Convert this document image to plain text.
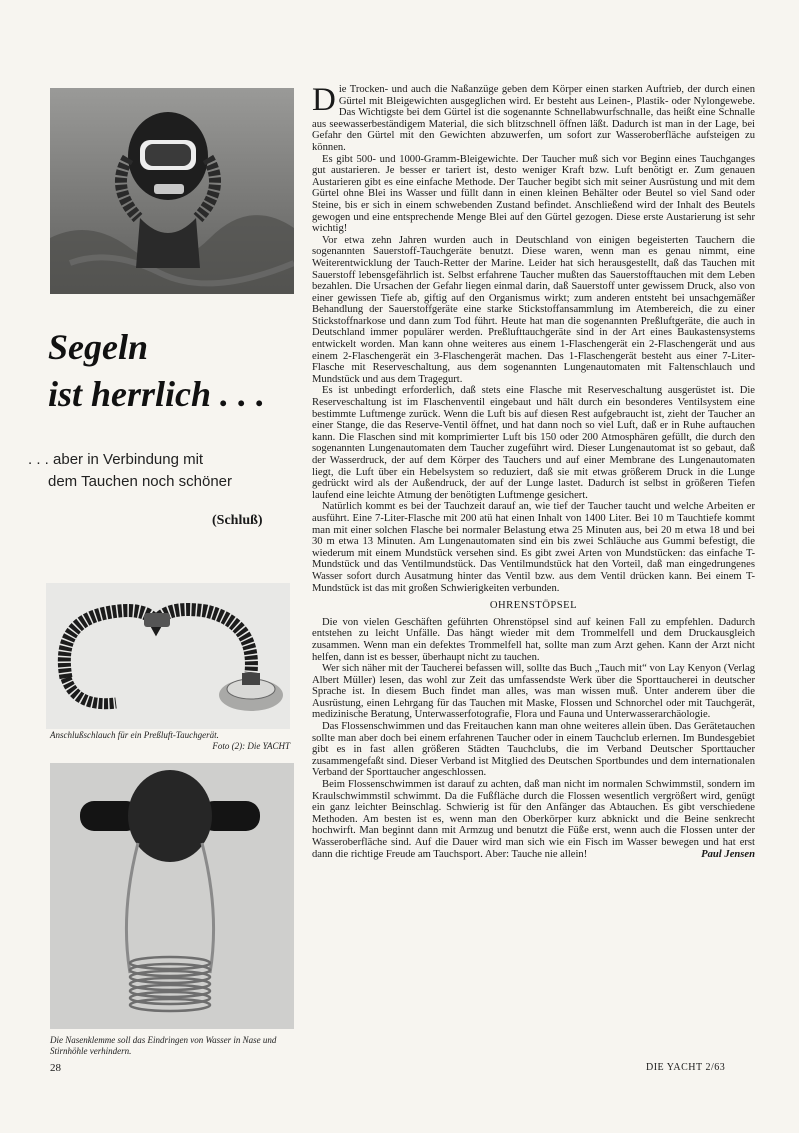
Segeln
ist herrlich . . .
. . . aber in Verbindung mit
dem Tauchen noch schöner
(Schluß)
Anschlußschlauch für ein Preßluft-Tauchgerät.
Foto (2): Die YACHT
Die Nasenklemme soll das Eindringen von Wasser in Nase und Stirnhöhle verhindern.
28	DIE YACHT 2/63

Die Trocken- und auch die Naßanzüge geben dem Körper einen starken Auftrieb, der durch einen Gürtel mit Bleigewichten ausgeglichen wird. Er besteht aus Leinen-, Plastik- oder Nylongewebe. Das Wichtigste bei dem Gürtel ist die sogenannte Schnellabwurfschnalle, das heißt eine Schnalle aus seewasserbeständigem Material, die sich blitzschnell öffnen läßt. Dadurch ist man in der Lage, bei Gefahr den Gürtel mit den Gewichten abzuwerfen, um sofort zur Wasseroberfläche aufsteigen zu können.

Es gibt 500- und 1000-Gramm-Bleigewichte. Der Taucher muß sich vor Beginn eines Tauchganges gut austarieren. Je besser er tariert ist, desto weniger Kraft bzw. Luft benötigt er. Zum genauen Austarieren gibt es eine einfache Methode. Der Taucher begibt sich mit seiner Ausrüstung und mit dem Gürtel ohne Blei ins Wasser und füllt dann in einen kleinen Behälter oder Beutel so viel Sand oder Steine, bis er sich in einem schwebenden Zustand befindet. Anschließend wird der Inhalt des Beutels gewogen und eine entsprechende Menge Blei auf den Gürtel gezogen. Diese erste Austarierung ist sehr wichtig!

Vor etwa zehn Jahren wurden auch in Deutschland von einigen begeisterten Tauchern die sogenannten Sauerstoff-Tauchgeräte benutzt. Diese waren, wenn man es genau nimmt, eine Weiterentwicklung der Tauch-Retter der Marine. Leider hat sich herausgestellt, daß das Tauchen mit Sauerstoff lebensgefährlich ist. Selbst erfahrene Taucher mußten das Sauerstofftauchen mit dem Leben bezahlen. Die Ursachen der Gefahr liegen einmal darin, daß Sauerstoff unter gewissem Druck, also von einer gewissen Tiefe ab, giftig auf den Organismus wirkt; zum anderen entsteht bei unsachgemäßer Behandlung der Sauerstoffgeräte eine starke Stickstoffansammlung im Atembereich, die zu einer Stickstoffnarkose und dann zum Tod führt. Heute hat man die sogenannten Preßluftgeräte, die auch in Deutschland immer populärer werden. Preßlufttauchgeräte sind in der Art eines Baukastensystems entwickelt worden. Man kann ohne weiteres aus einem 1-Flaschengerät ein 2-Flaschengerät und aus einem 2-Flaschengerät ein 3-Flaschengerät machen. Das 1-Flaschengerät besteht aus einer 7-Liter-Flasche mit Reserveschaltung, aus dem sogenannten Lungenautomaten mit Faltenschlauch und Mundstück und aus dem Tragegurt.

Es ist unbedingt erforderlich, daß stets eine Flasche mit Reserveschaltung ausgerüstet ist. Die Reserveschaltung ist im Flaschenventil eingebaut und hält durch ein besonderes Ventilsystem eine bestimmte Luftmenge zurück. Wenn die Luft bis auf diesen Rest aufgebraucht ist, zieht der Taucher an einer Stange, die das Reserve-Ventil öffnet, und hat dann noch so viel Luft, daß er in Ruhe auftauchen kann. Die Flaschen sind mit komprimierter Luft bis 150 oder 200 Atmosphären gefüllt, die durch den sogenannten Lungenautomaten dem Taucher zugeführt wird. Dieser Lungenautomat ist so gebaut, daß der Wasserdruck, der auf dem Körper des Tauchers und auf einer Membrane des Lungenautomaten liegt, die Luft über ein Hebelsystem so reduziert, daß sie mit etwas größerem Druck in die Lunge gedrückt wird als der Außendruck, der auf der Lunge lastet. Dadurch ist selbst in größeren Tiefen laufend eine leichte Atmung der benötigten Luftmenge gesichert.

Natürlich kommt es bei der Tauchzeit darauf an, wie tief der Taucher taucht und welche Arbeiten er ausführt. Eine 7-Liter-Flasche mit 200 atü hat einen Inhalt von 1400 Liter. Bei 10 m Tauchtiefe kommt man mit einer solchen Flasche bei normaler Belastung etwa 25 Minuten aus, bei 20 m etwa 18 und bei 30 m etwa 13 Minuten. Am Lungenautomaten sind ein bis zwei Schläuche aus Gummi befestigt, die wiederum mit einem Mundstück versehen sind. Es gibt zwei Arten von Mundstücken: das einfache T-Mundstück und das Ventilmundstück. Das Ventilmundstück hat den Vorteil, daß man eingedrungenes Wasser sofort durch Ausatmung hinter das Ventil bzw. aus dem Ventil drücken kann. Bei einem T-Mundstück ist das mit großen Schwierigkeiten verbunden.

OHRENSTÖPSEL

Die von vielen Geschäften geführten Ohrenstöpsel sind auf keinen Fall zu empfehlen. Dadurch entstehen zu leicht Unfälle. Das hängt wieder mit dem Trommelfell und dem Druckausgleich zusammen. Wenn man ein defektes Trommelfell hat, sollte man zum Arzt gehen. Kann der Arzt nicht helfen, dann ist es besser, überhaupt nicht zu tauchen.

Wer sich näher mit der Taucherei befassen will, sollte das Buch „Tauch mit“ von Lay Kenyon (Verlag Albert Müller) lesen, das wohl zur Zeit das umfassendste Werk über die Sporttaucherei in deutscher Sprache ist. In diesem Buch findet man alles, was man wissen muß. Unter anderem über die Ausrüstung, einen Lehrgang für das Tauchen mit Maske, Flossen und Schnorchel oder mit Tauchgerät, medizinische Beratung, Unterwasserfotografie, Flora und Fauna und Unterwasserarchäologie.

Das Flossenschwimmen und das Freitauchen kann man ohne weiteres allein üben. Das Gerätetauchen sollte man aber doch bei einem erfahrenen Taucher oder in einem Tauchclub erlernen. Im Bundesgebiet gibt es in fast allen größeren Städten Tauchclubs, die im Verband Deutscher Sporttaucher zusammengefaßt sind. Dieser Verband ist Mitglied des Deutschen Sportbundes und dem internationalen Verband der Sporttaucher angeschlossen.

Beim Flossenschwimmen ist darauf zu achten, daß man nicht im normalen Schwimmstil, sondern im Kraulschwimmstil schwimmt. Da die Fußfläche durch die Flossen wesentlich vergrößert wird, genügt ein ganz leichter Beinschlag. Schwierig ist für den Anfänger das Abtauchen. Es gibt verschiedene Methoden. Am besten ist es, wenn man den Oberkörper kurz abknickt und die Beine senkrecht hochwirft. Man beginnt dann mit Armzug und benutzt die Füße erst, wenn auch die Flossen unter der Wasseroberfläche sind. Auf die Dauer wird man sich wie ein Fisch im Wasser bewegen und hat erst dann die richtige Freude am Tauchsport. Aber: Tauche nie allein!	Paul Jensen
